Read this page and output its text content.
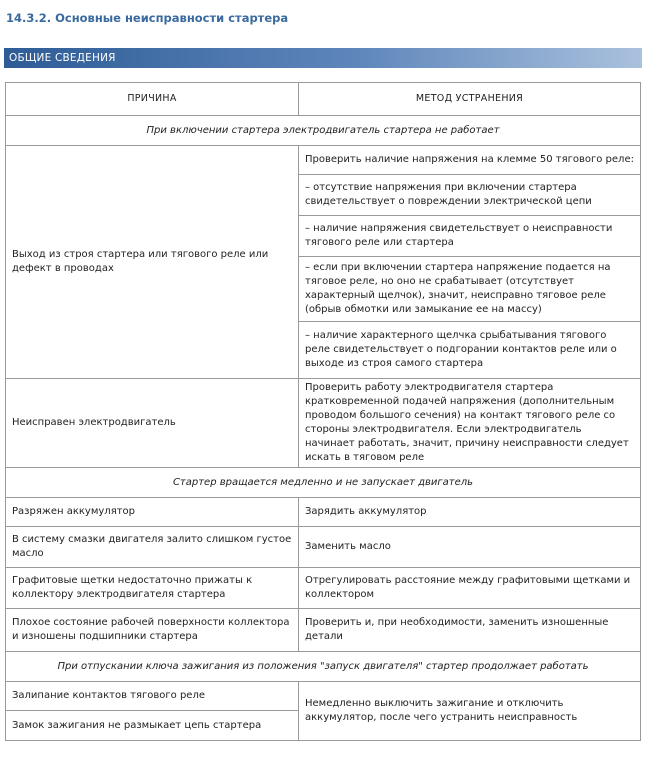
14.3.2. Основные неисправности стартера
ОБЩИЕ СВЕДЕНИЯ
ПРИЧИНА	МЕТОД УСТРАНЕНИЯ
При включении стартера электродвигатель стартера не работает	
Выход из строя стартера или тягового реле или дефект в проводах	Проверить наличие напряжения на клемме 50 тягового реле:
	– отсутствие напряжения при включении стартера свидетельствует о повреждении электрической цепи
	– наличие напряжения свидетельствует о неисправности тягового реле или стартера
	– если при включении стартера напряжение подается на тяговое реле, но оно не срабатывает (отсутствует характерный щелчок), значит, неисправно тяговое реле (обрыв обмотки или замыкание ее на массу)
	– наличие характерного щелчка срыбатывания тягового реле свидетельствует о подгорании контактов реле или о выходе из строя самого стартера
Неисправен электродвигатель	Проверить работу электродвигателя стартера кратковременной подачей напряжения (дополнительным проводом большого сечения) на контакт тягового реле со стороны электродвигателя. Если электродвигатель начинает работать, значит, причину неисправности следует искать в тяговом реле
Стартер вращается медленно и не запускает двигатель	
Разряжен аккумулятор	Зарядить аккумулятор
В систему смазки двигателя залито слишком густое масло	Заменить масло
Графитовые щетки недостаточно прижаты к коллектору электродвигателя стартера	Отрегулировать расстояние между графитовыми щетками и коллектором
Плохое состояние рабочей поверхности коллектора и изношены подшипники стартера	Проверить и, при необходимости, заменить изношенные детали
При отпускании ключа зажигания из положения "запуск двигателя" стартер продолжает работать	
Залипание контактов тягового реле	Немедленно выключить зажигание и отключить аккумулятор, после чего устранить неисправность
Замок зажигания не размыкает цепь стартера	
